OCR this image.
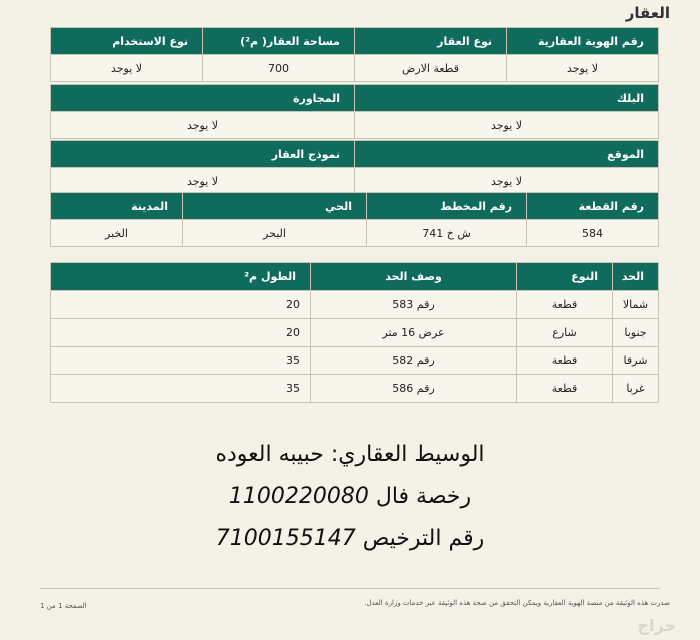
العقار
رقم الهوية العقارية	نوع العقار	مساحة العقار( م²)	نوع الاستخدام
لا يوجد	قطعة الارض	700	لا يوجد
البلك	المجاورة
لا يوجد	لا يوجد
الموقع	نموذج العقار
لا يوجد	لا يوجد
رقم القطعة	رقم المخطط	الحي	المدينة
584	ش خ 741	البحر	الخبر
الحد	النوع	وصف الحد	الطول م²
شمالا	قطعة	رقم 583	20
جنوبا	شارع	عرض 16 متر	20
شرقا	قطعة	رقم 582	35
غربا	قطعة	رقم 586	35
الوسيط العقاري: حبيبه العوده
رخصة فال 1100220080
رقم الترخيص 7100155147
صدرت هذه الوثيقة من منصة الهوية العقارية ويمكن التحقق من صحة هذه الوثيقة عبر خدمات وزارة العدل.
الصفحة 1 من 1
حراج
